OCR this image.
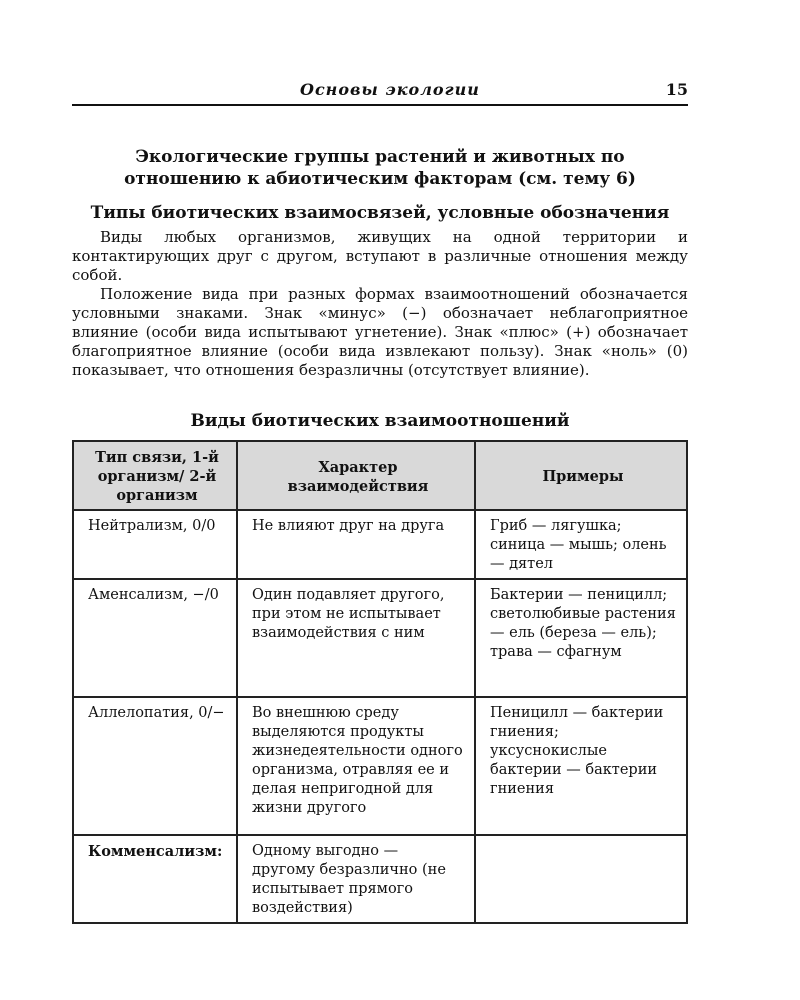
Основы экологии	15
Экологические группы растений и животных по
отношению к абиотическим факторам (см. тему 6)
Типы биотических взаимосвязей, условные обозначения

Виды любых организмов, живущих на одной территории и контактирующих друг с другом, вступают в различные отношения между собой.

Положение вида при разных формах взаимоотношений обозначается условными знаками. Знак «минус» (−) обозначает неблагоприятное влияние (особи вида испытывают угнетение). Знак «плюс» (+) обозначает благоприятное влияние (особи вида извлекают пользу). Знак «ноль» (0) показывает, что отношения безразличны (отсутствует влияние).

Виды биотических взаимоотношений
Тип связи, 1-й организм/ 2-й организм	Характер взаимодействия	Примеры
Нейтрализм, 0/0	Не влияют друг на друга	Гриб — лягушка; синица — мышь; олень — дятел
Аменсализм, −/0	Один подавляет другого, при этом не испытывает взаимодействия с ним	Бактерии — пеницилл; светолюбивые растения — ель (береза — ель); трава — сфагнум
Аллелопатия, 0/−	Во внешнюю среду выделяются продукты жизнедеятельности одного организма, отравляя ее и делая непригодной для жизни другого	Пеницилл — бактерии гниения; уксуснокислые бактерии — бактерии гниения
Комменсализм:	Одному выгодно — другому безразлично (не испытывает прямого воздействия)	
